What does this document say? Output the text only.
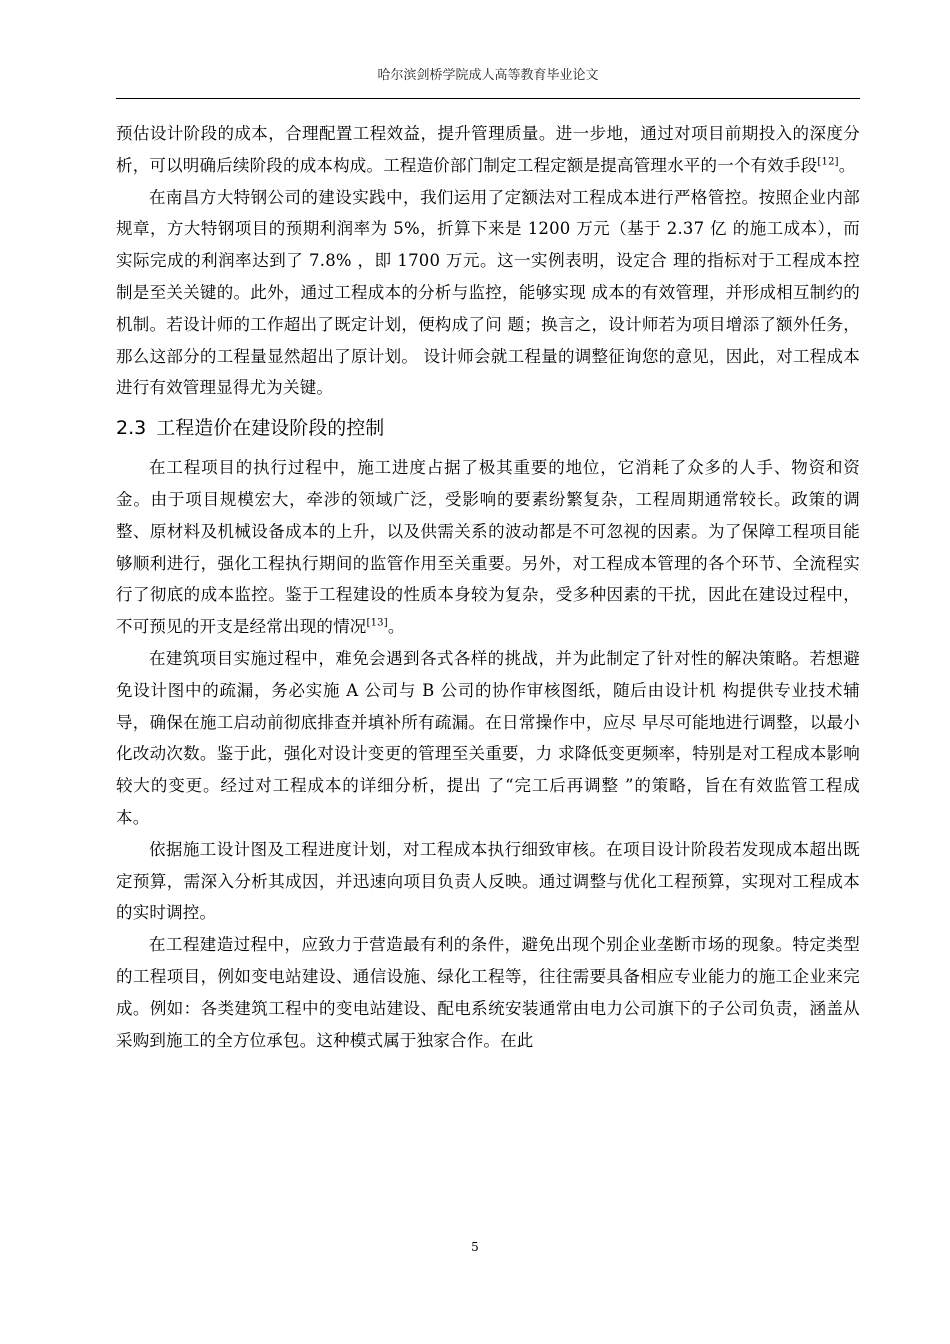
哈尔滨剑桥学院成人高等教育毕业论文

预估设计阶段的成本，合理配置工程效益，提升管理质量。进一步地，通过对项目前期投入的深度分析，可以明确后续阶段的成本构成。工程造价部门制定工程定额是提高管理水平的一个有效手段[12]。

在南昌方大特钢公司的建设实践中，我们运用了定额法对工程成本进行严格管控。按照企业内部规章，方大特钢项目的预期利润率为 5%，折算下来是 1200 万元（基于 2.37 亿 的施工成本），而实际完成的利润率达到了 7.8% ，即 1700 万元。这一实例表明，设定合 理的指标对于工程成本控制是至关关键的。此外，通过工程成本的分析与监控，能够实现 成本的有效管理，并形成相互制约的机制。若设计师的工作超出了既定计划，便构成了问 题；换言之，设计师若为项目增添了额外任务，那么这部分的工程量显然超出了原计划。 设计师会就工程量的调整征询您的意见，因此，对工程成本进行有效管理显得尤为关键。

2.3 工程造价在建设阶段的控制

在工程项目的执行过程中，施工进度占据了极其重要的地位，它消耗了众多的人手、物资和资金。由于项目规模宏大，牵涉的领域广泛，受影响的要素纷繁复杂，工程周期通常较长。政策的调整、原材料及机械设备成本的上升，以及供需关系的波动都是不可忽视的因素。为了保障工程项目能够顺利进行，强化工程执行期间的监管作用至关重要。另外，对工程成本管理的各个环节、全流程实行了彻底的成本监控。鉴于工程建设的性质本身较为复杂，受多种因素的干扰，因此在建设过程中，不可预见的开支是经常出现的情况[13]。

在建筑项目实施过程中，难免会遇到各式各样的挑战，并为此制定了针对性的解决策略。若想避免设计图中的疏漏，务必实施 A 公司与 B 公司的协作审核图纸，随后由设计机 构提供专业技术辅导，确保在施工启动前彻底排查并填补所有疏漏。在日常操作中，应尽 早尽可能地进行调整，以最小化改动次数。鉴于此，强化对设计变更的管理至关重要，力 求降低变更频率，特别是对工程成本影响较大的变更。经过对工程成本的详细分析，提出 了“完工后再调整 ”的策略，旨在有效监管工程成本。

依据施工设计图及工程进度计划，对工程成本执行细致审核。在项目设计阶段若发现成本超出既定预算，需深入分析其成因，并迅速向项目负责人反映。通过调整与优化工程预算，实现对工程成本的实时调控。

在工程建造过程中，应致力于营造最有利的条件，避免出现个别企业垄断市场的现象。特定类型的工程项目，例如变电站建设、通信设施、绿化工程等，往往需要具备相应专业能力的施工企业来完成。例如：各类建筑工程中的变电站建设、配电系统安装通常由电力公司旗下的子公司负责，涵盖从采购到施工的全方位承包。这种模式属于独家合作。在此

5
